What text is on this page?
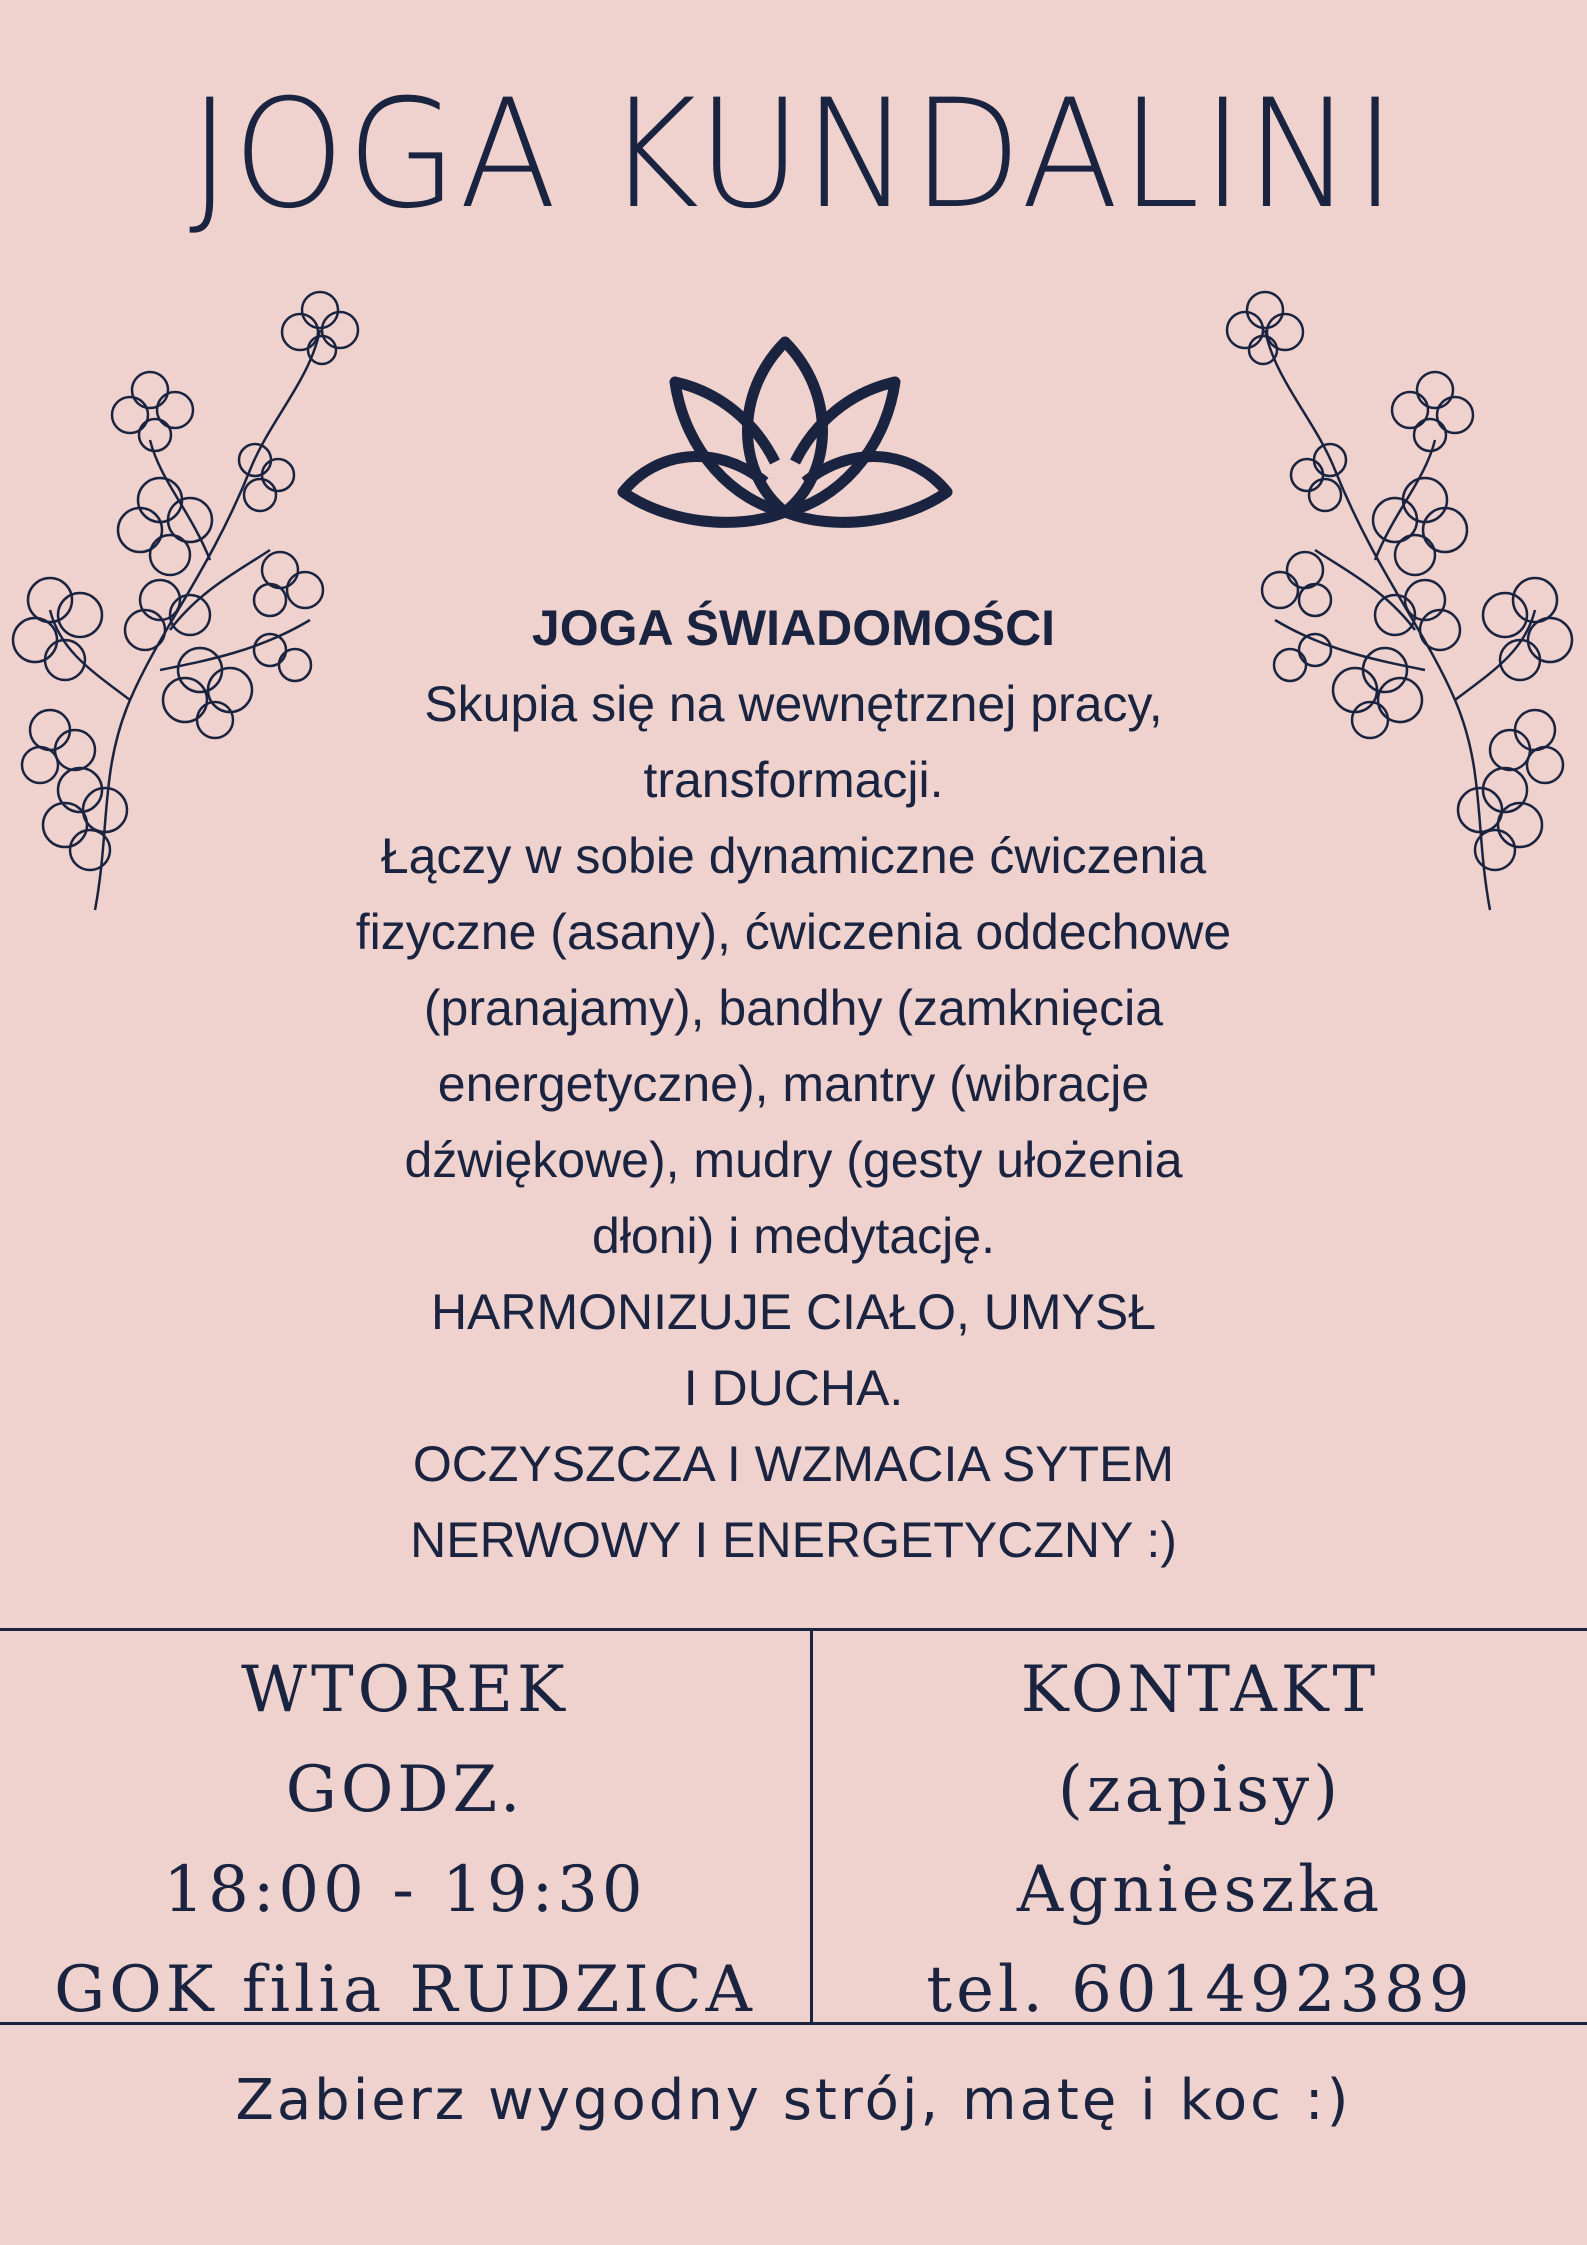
JOGA KUNDALINI
JOGA ŚWIADOMOŚCI
Skupia się na wewnętrznej pracy,
transformacji.
Łączy w sobie dynamiczne ćwiczenia
fizyczne (asany), ćwiczenia oddechowe
(pranajamy), bandhy (zamknięcia
energetyczne), mantry (wibracje
dźwiękowe), mudry (gesty ułożenia
dłoni) i medytację.
HARMONIZUJE CIAŁO, UMYSŁ
I DUCHA.
OCZYSZCZA I WZMACIA SYTEM
NERWOWY I ENERGETYCZNY :)
WTOREK
GODZ.
18:00 - 19:30
GOK filia RUDZICA
KONTAKT
(zapisy)
Agnieszka
tel. 601492389
Zabierz wygodny strój, matę i koc :)
